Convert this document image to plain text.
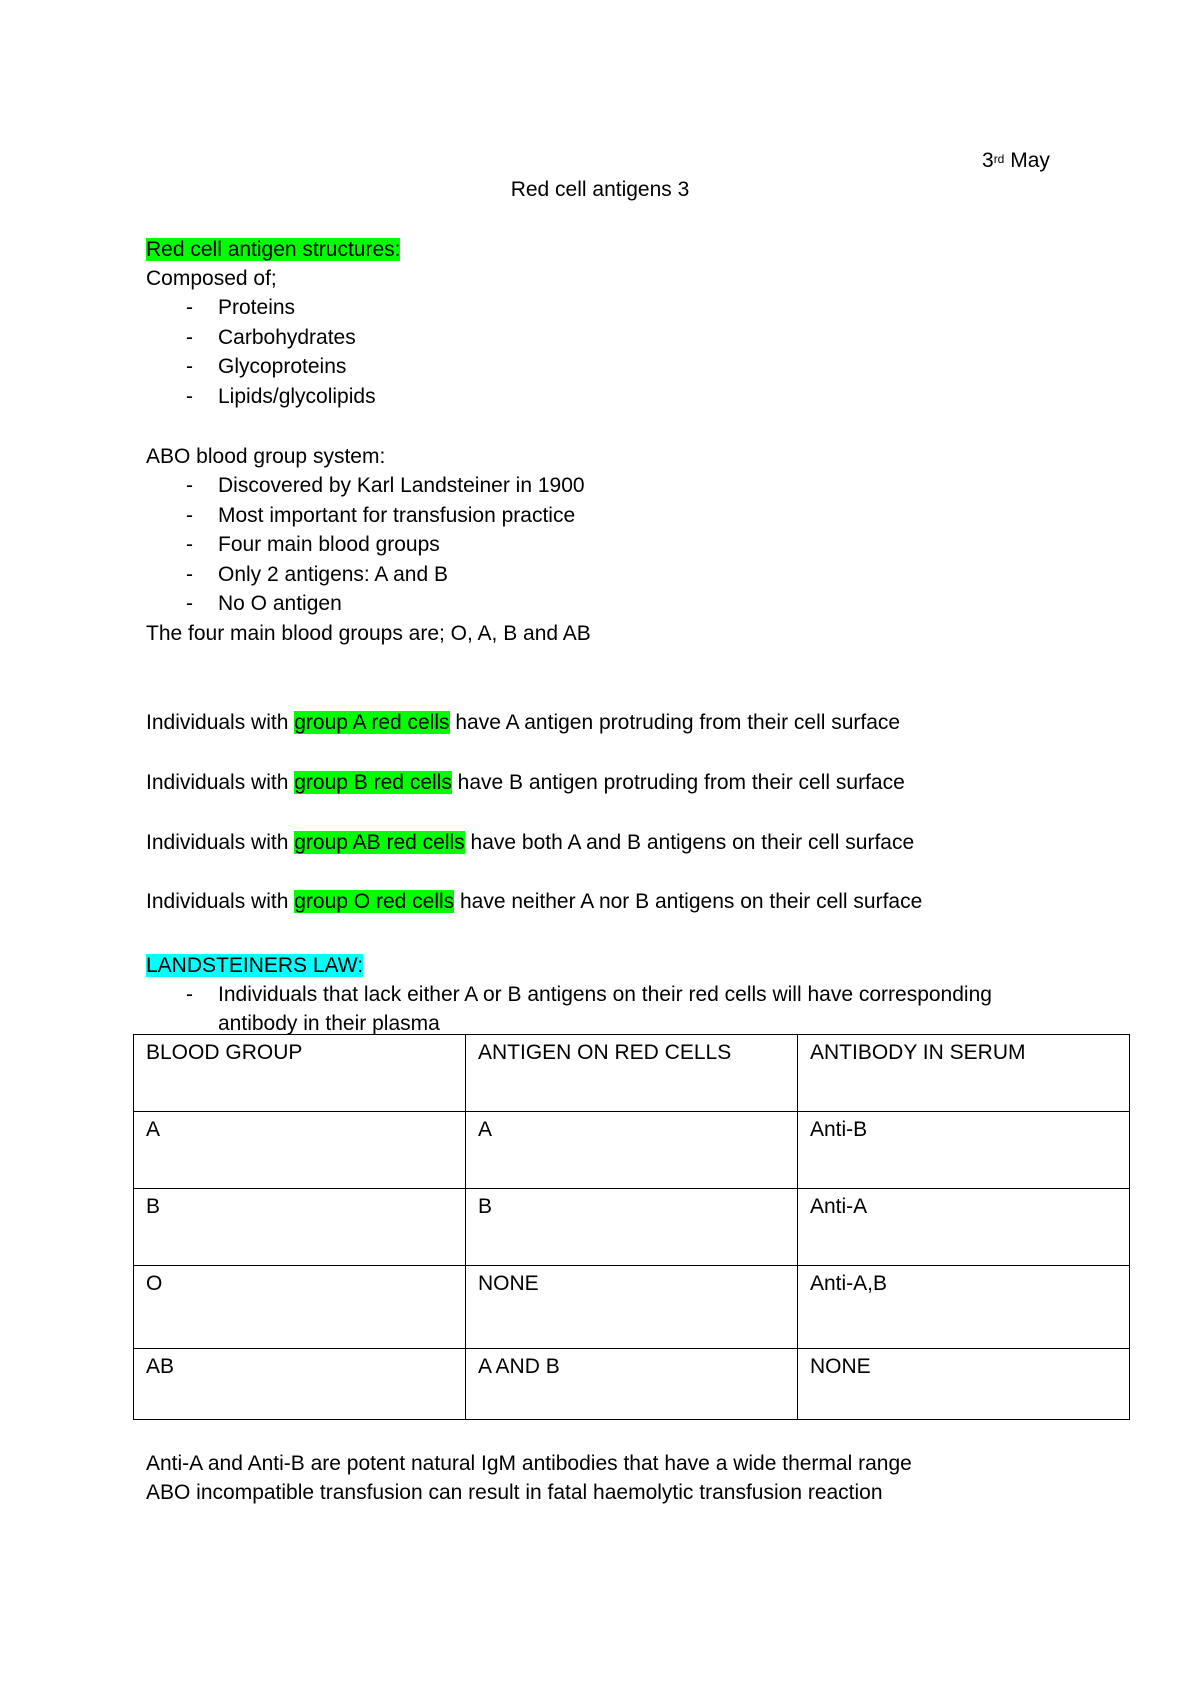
3rd May
Red cell antigens 3
Red cell antigen structures:
Composed of;
- Proteins
- Carbohydrates
- Glycoproteins
- Lipids/glycolipids
ABO blood group system:
- Discovered by Karl Landsteiner in 1900
- Most important for transfusion practice
- Four main blood groups
- Only 2 antigens: A and B
- No O antigen
The four main blood groups are; O, A, B and AB
Individuals with group A red cells have A antigen protruding from their cell surface
Individuals with group B red cells have B antigen protruding from their cell surface
Individuals with group AB red cells have both A and B antigens on their cell surface
Individuals with group O red cells have neither A nor B antigens on their cell surface
LANDSTEINERS LAW:
- Individuals that lack either A or B antigens on their red cells will have corresponding
antibody in their plasma
BLOOD GROUP	ANTIGEN ON RED CELLS	ANTIBODY IN SERUM
A	A	Anti-B
B	B	Anti-A
O	NONE	Anti-A,B
AB	A AND B	NONE
Anti-A and Anti-B are potent natural IgM antibodies that have a wide thermal range
ABO incompatible transfusion can result in fatal haemolytic transfusion reaction
